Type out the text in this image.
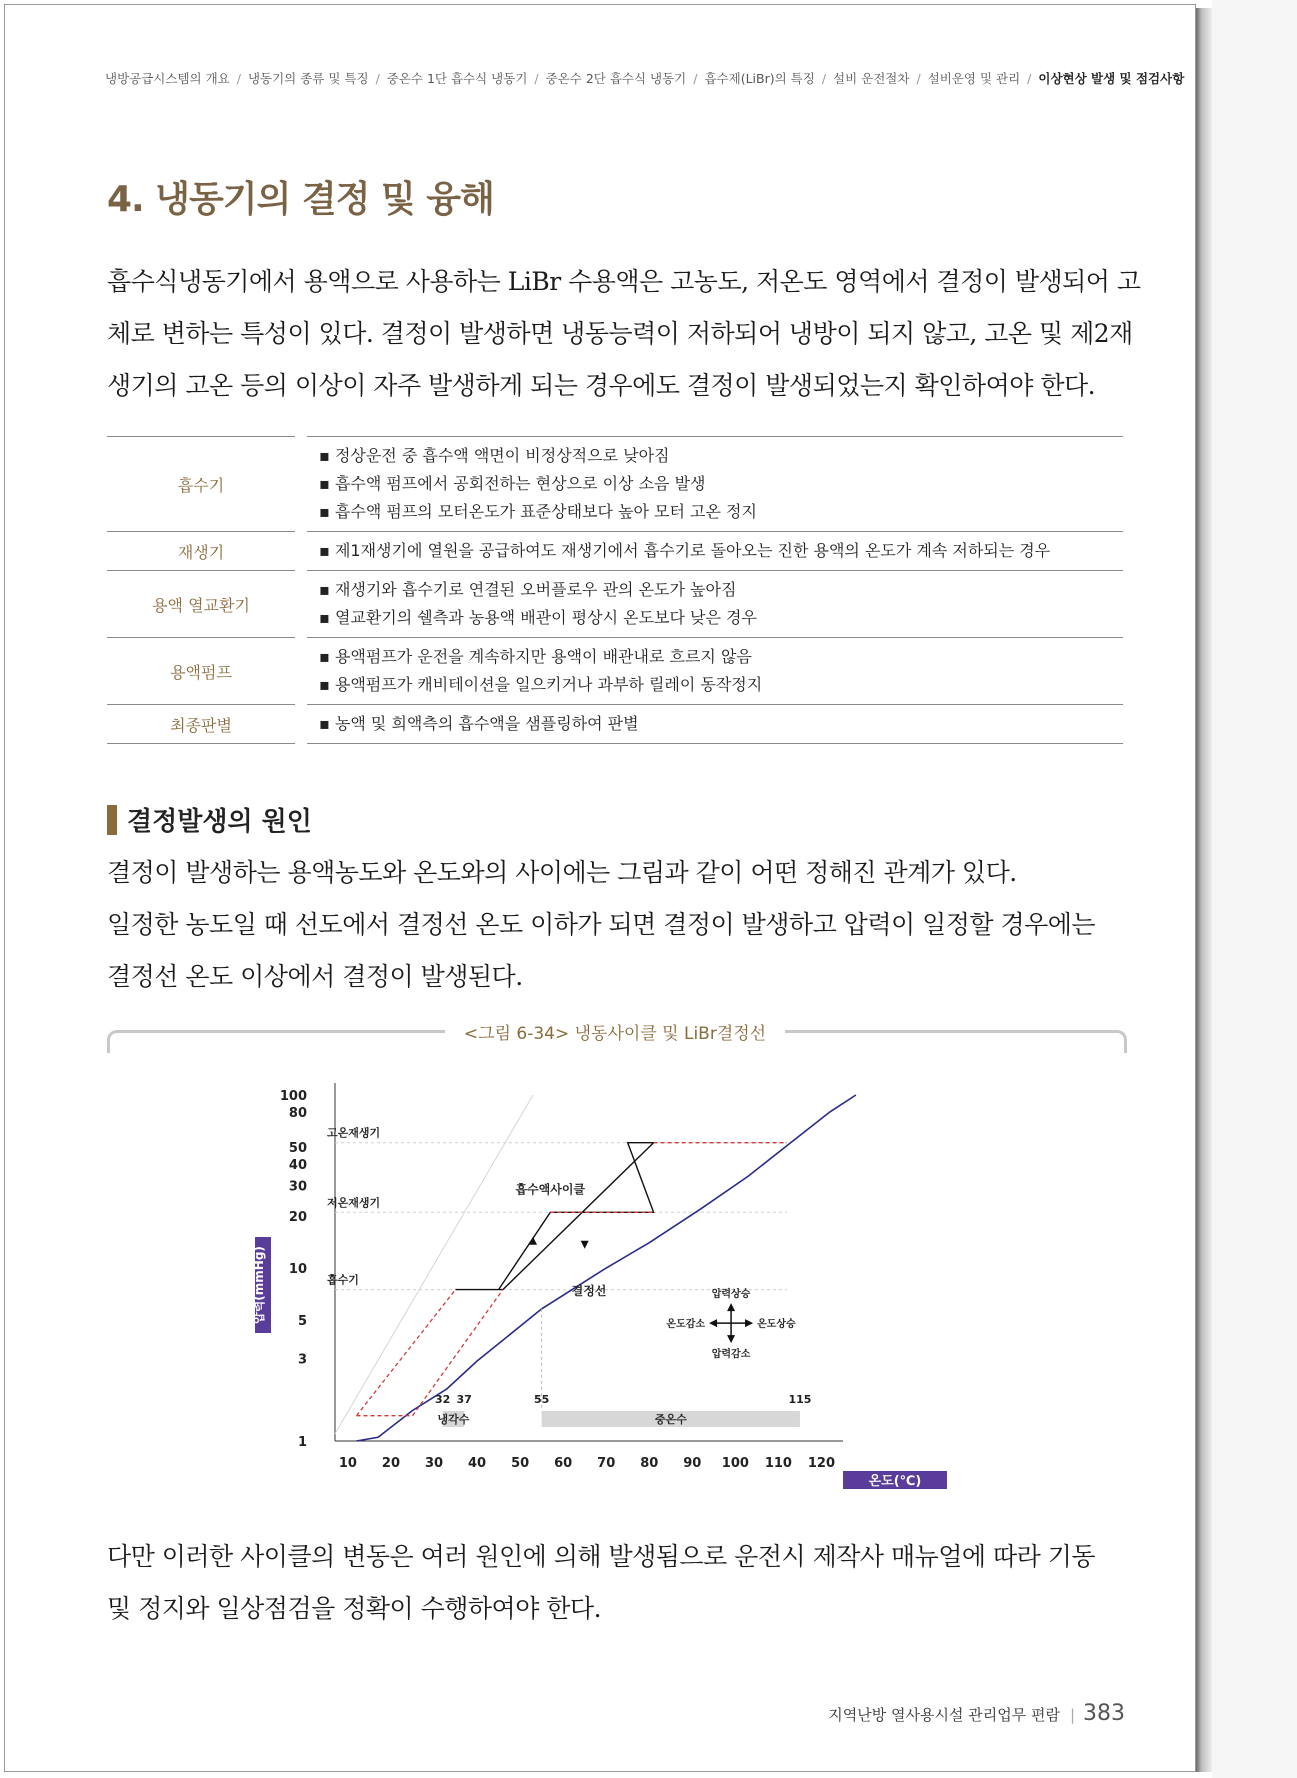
냉방공급시스템의 개요 / 냉동기의 종류 및 특징 / 중온수 1단 흡수식 냉동기 / 중온수 2단 흡수식 냉동기 / 흡수제(LiBr)의 특징 / 설비 운전절차 / 설비운영 및 관리 / 이상현상 발생 및 점검사항
4. 냉동기의 결정 및 융해

흡수식냉동기에서 용액으로 사용하는 LiBr 수용액은 고농도, 저온도 영역에서 결정이 발생되어 고

체로 변하는 특성이 있다. 결정이 발생하면 냉동능력이 저하되어 냉방이 되지 않고, 고온 및 제2재

생기의 고온 등의 이상이 자주 발생하게 되는 경우에도 결정이 발생되었는지 확인하여야 한다.

흡수기		▪ 정상운전 중 흡수액 액면이 비정상적으로 낮아짐
▪ 흡수액 펌프에서 공회전하는 현상으로 이상 소음 발생
▪ 흡수액 펌프의 모터온도가 표준상태보다 높아 모터 고온 정지

재생기		▪ 제1재생기에 열원을 공급하여도 재생기에서 흡수기로 돌아오는 진한 용액의 온도가 계속 저하되는 경우

용액 열교환기		▪ 재생기와 흡수기로 연결된 오버플로우 관의 온도가 높아짐
▪ 열교환기의 쉘측과 농용액 배관이 평상시 온도보다 낮은 경우

용액펌프		▪ 용액펌프가 운전을 계속하지만 용액이 배관내로 흐르지 않음
▪ 용액펌프가 캐비테이션을 일으키거나 과부하 릴레이 동작정지

최종판별		▪ 농액 및 희액측의 흡수액을 샘플링하여 판별
결정발생의 원인

결정이 발생하는 용액농도와 온도와의 사이에는 그림과 같이 어떤 정해진 관계가 있다.

일정한 농도일 때 선도에서 결정선 온도 이하가 되면 결정이 발생하고 압력이 일정할 경우에는

결정선 온도 이상에서 결정이 발생된다.

<그림 6-34> 냉동사이클 및 LiBr결정선
1
3
5
10
20
30
40
50
80
100
10 20 30 40 50 60 70 80 90 100 110 120
고온재생기
저온재생기
흡수기
흡수액사이클
결정선
냉각수	중온수
32 37	55	115
압력상승
압력감소
온도감소	온도상승
압력(mmHg)
온도(℃)

다만 이러한 사이클의 변동은 여러 원인에 의해 발생됨으로 운전시 제작사 매뉴얼에 따라 기동

및 정지와 일상점검을 정확이 수행하여야 한다.

지역난방 열사용시설 관리업무 편람 | 383
